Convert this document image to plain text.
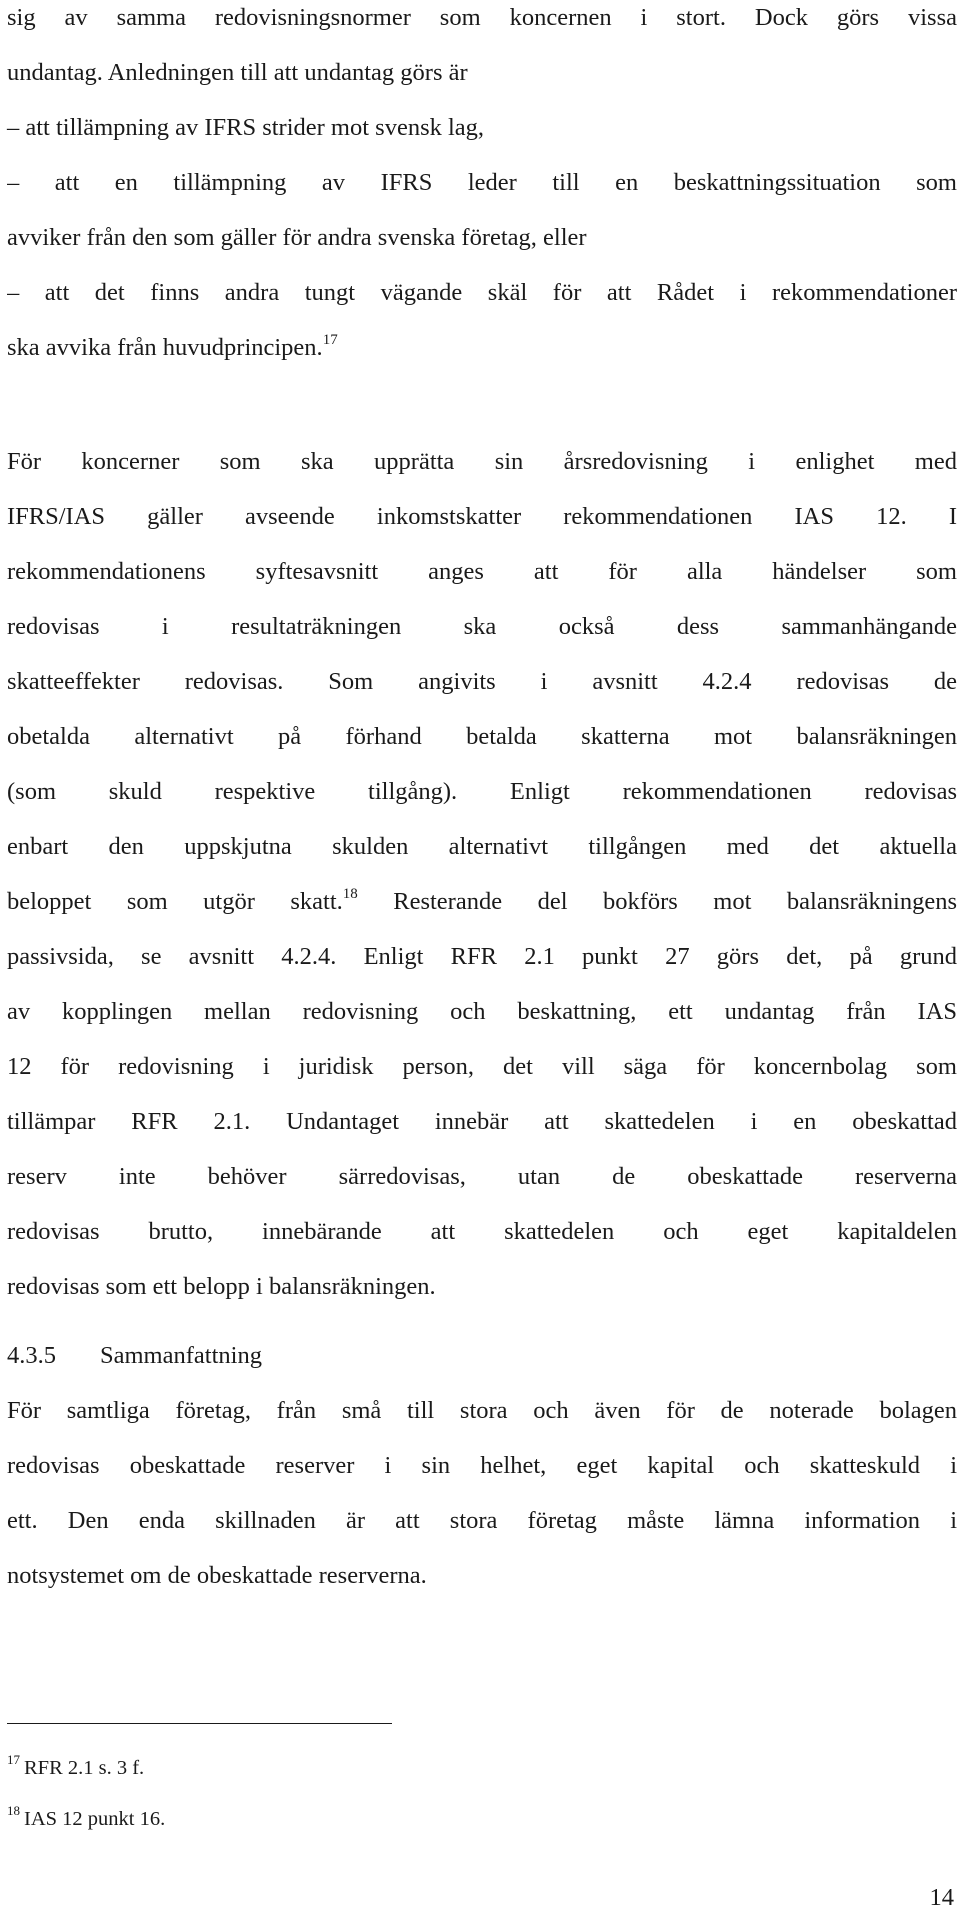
sig av samma redovisningsnormer som koncernen i stort. Dock görs vissa
undantag. Anledningen till att undantag görs är
– att tillämpning av IFRS strider mot svensk lag,
– att en tillämpning av IFRS leder till en beskattningssituation som
avviker från den som gäller för andra svenska företag, eller
– att det finns andra tungt vägande skäl för att Rådet i rekommendationer
ska avvika från huvudprincipen.$^{17}$
För koncerner som ska upprätta sin årsredovisning i enlighet med
IFRS/IAS gäller avseende inkomstskatter rekommendationen IAS 12. I
rekommendationens syftesavsnitt anges att för alla händelser som
redovisas i resultaträkningen ska också dess sammanhängande
skatteeffekter redovisas. Som angivits i avsnitt 4.2.4 redovisas de
obetalda alternativt på förhand betalda skatterna mot balansräkningen
(som skuld respektive tillgång). Enligt rekommendationen redovisas
enbart den uppskjutna skulden alternativt tillgången med det aktuella
beloppet som utgör skatt.$^{18}$ Resterande del bokförs mot balansräkningens
passivsida, se avsnitt 4.2.4. Enligt RFR 2.1 punkt 27 görs det, på grund
av kopplingen mellan redovisning och beskattning, ett undantag från IAS
12 för redovisning i juridisk person, det vill säga för koncernbolag som
tillämpar RFR 2.1. Undantaget innebär att skattedelen i en obeskattad
reserv inte behöver särredovisas, utan de obeskattade reserverna
redovisas brutto, innebärande att skattedelen och eget kapitaldelen
redovisas som ett belopp i balansräkningen.
4.3.5 Sammanfattning
För samtliga företag, från små till stora och även för de noterade bolagen
redovisas obeskattade reserver i sin helhet, eget kapital och skatteskuld i
ett. Den enda skillnaden är att stora företag måste lämna information i
notsystemet om de obeskattade reserverna.
$^{17}$ RFR 2.1 s. 3 f.
$^{18}$ IAS 12 punkt 16.
14
